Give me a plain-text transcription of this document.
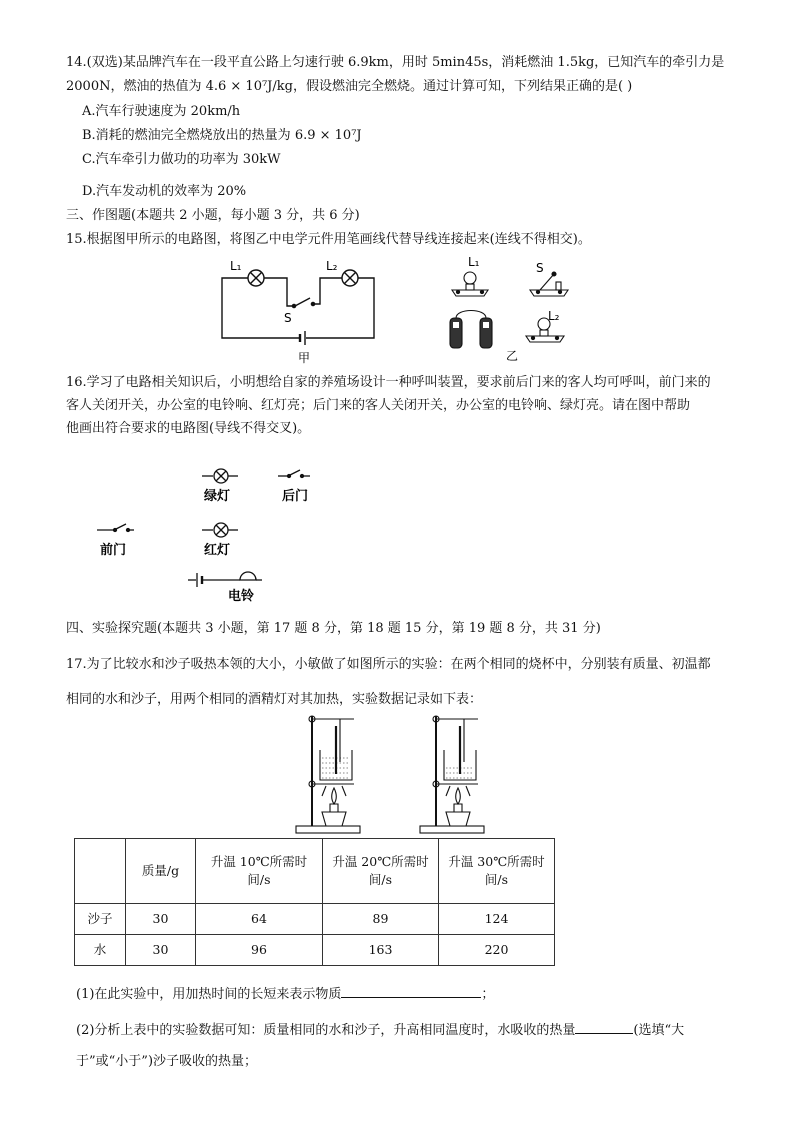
14.(双选)某品牌汽车在一段平直公路上匀速行驶 6.9km，用时 5min45s，消耗燃油 1.5kg，已知汽车的牵引力是
2000N，燃油的热值为 4.6 × 10⁷J/kg，假设燃油完全燃烧。通过计算可知，下列结果正确的是( )
A.汽车行驶速度为 20km/h
B.消耗的燃油完全燃烧放出的热量为 6.9 × 10⁷J
C.汽车牵引力做功的功率为 30kW
D.汽车发动机的效率为 20%
三、作图题(本题共 2 小题，每小题 3 分，共 6 分)
15.根据图甲所示的电路图，将图乙中电学元件用笔画线代替导线连接起来(连线不得相交)。
L₁	L₂
S
甲
L₁	S
L₂
乙
16.学习了电路相关知识后，小明想给自家的养殖场设计一种呼叫装置，要求前后门来的客人均可呼叫，前门来的
客人关闭开关，办公室的电铃响、红灯亮；后门来的客人关闭开关，办公室的电铃响、绿灯亮。请在图中帮助
他画出符合要求的电路图(导线不得交叉)。
绿灯	后门
前门	红灯
电铃
四、实验探究题(本题共 3 小题，第 17 题 8 分，第 18 题 15 分，第 19 题 8 分，共 31 分)
17.为了比较水和沙子吸热本领的大小，小敏做了如图所示的实验：在两个相同的烧杯中，分别装有质量、初温都
相同的水和沙子，用两个相同的酒精灯对其加热，实验数据记录如下表：
	质量/g	升温 10℃所需时间/s	升温 20℃所需时间/s	升温 30℃所需时间/s
沙子	30	64	89	124
水	30	96	163	220
(1)在此实验中，用加热时间的长短来表示物质	；
(2)分析上表中的实验数据可知：质量相同的水和沙子，升高相同温度时，水吸收的热量	(选填“大
于”或“小于”)沙子吸收的热量；
